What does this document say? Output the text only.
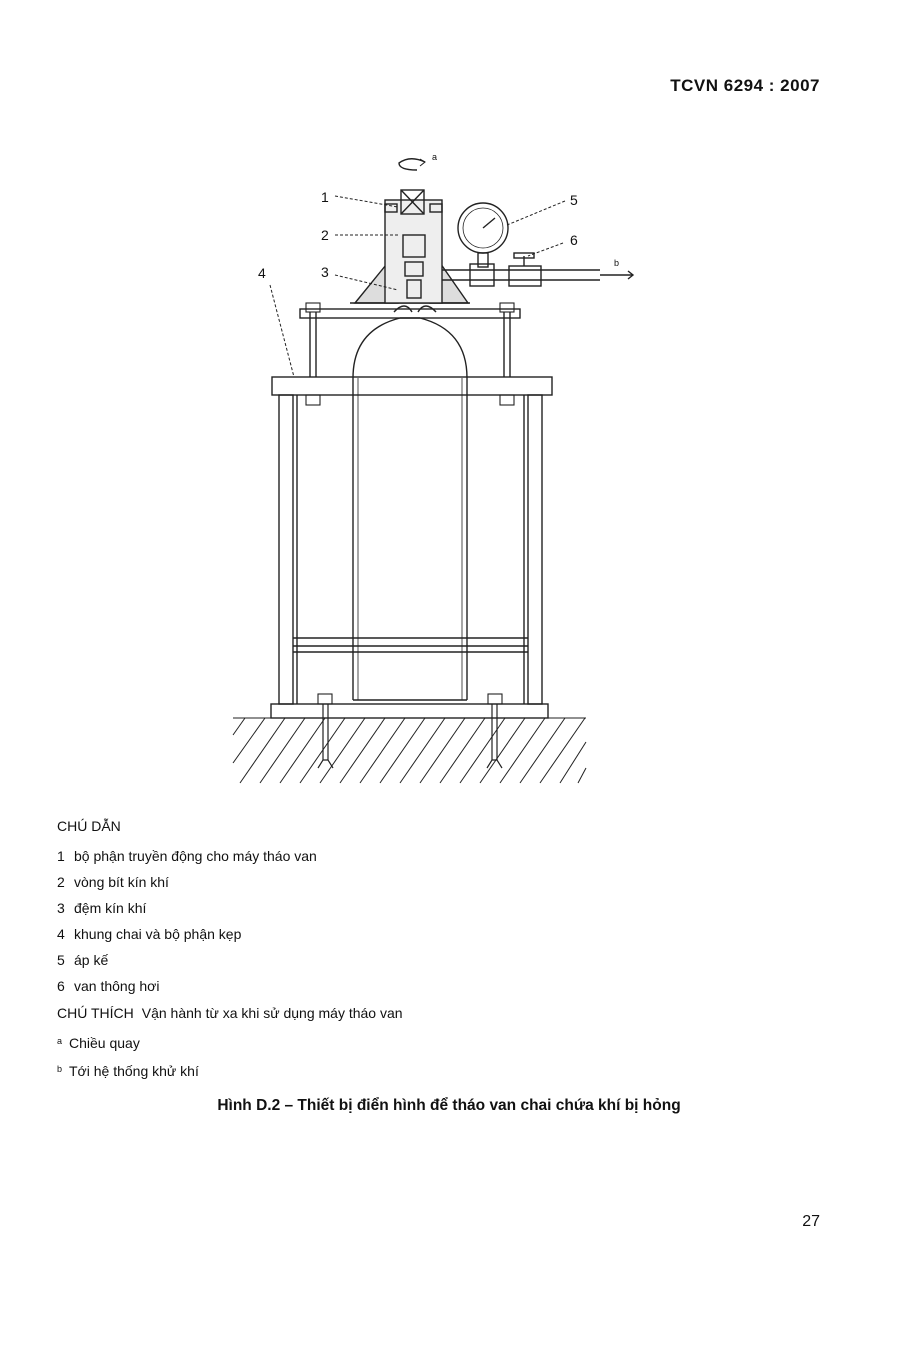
TCVN 6294 : 2007
1
2
3
4
5
6
a
b
CHÚ DẪN
1 bộ phận truyền động cho máy tháo van
2 vòng bít kín khí
3 đệm kín khí
4 khung chai và bộ phận kẹp
5 áp kế
6 van thông hơi
CHÚ THÍCH Vận hành từ xa khi sử dụng máy tháo van
$^a$ Chiều quay
$^b$ Tới hệ thống khử khí
Hình D.2 – Thiết bị điển hình để tháo van chai chứa khí bị hỏng
27
